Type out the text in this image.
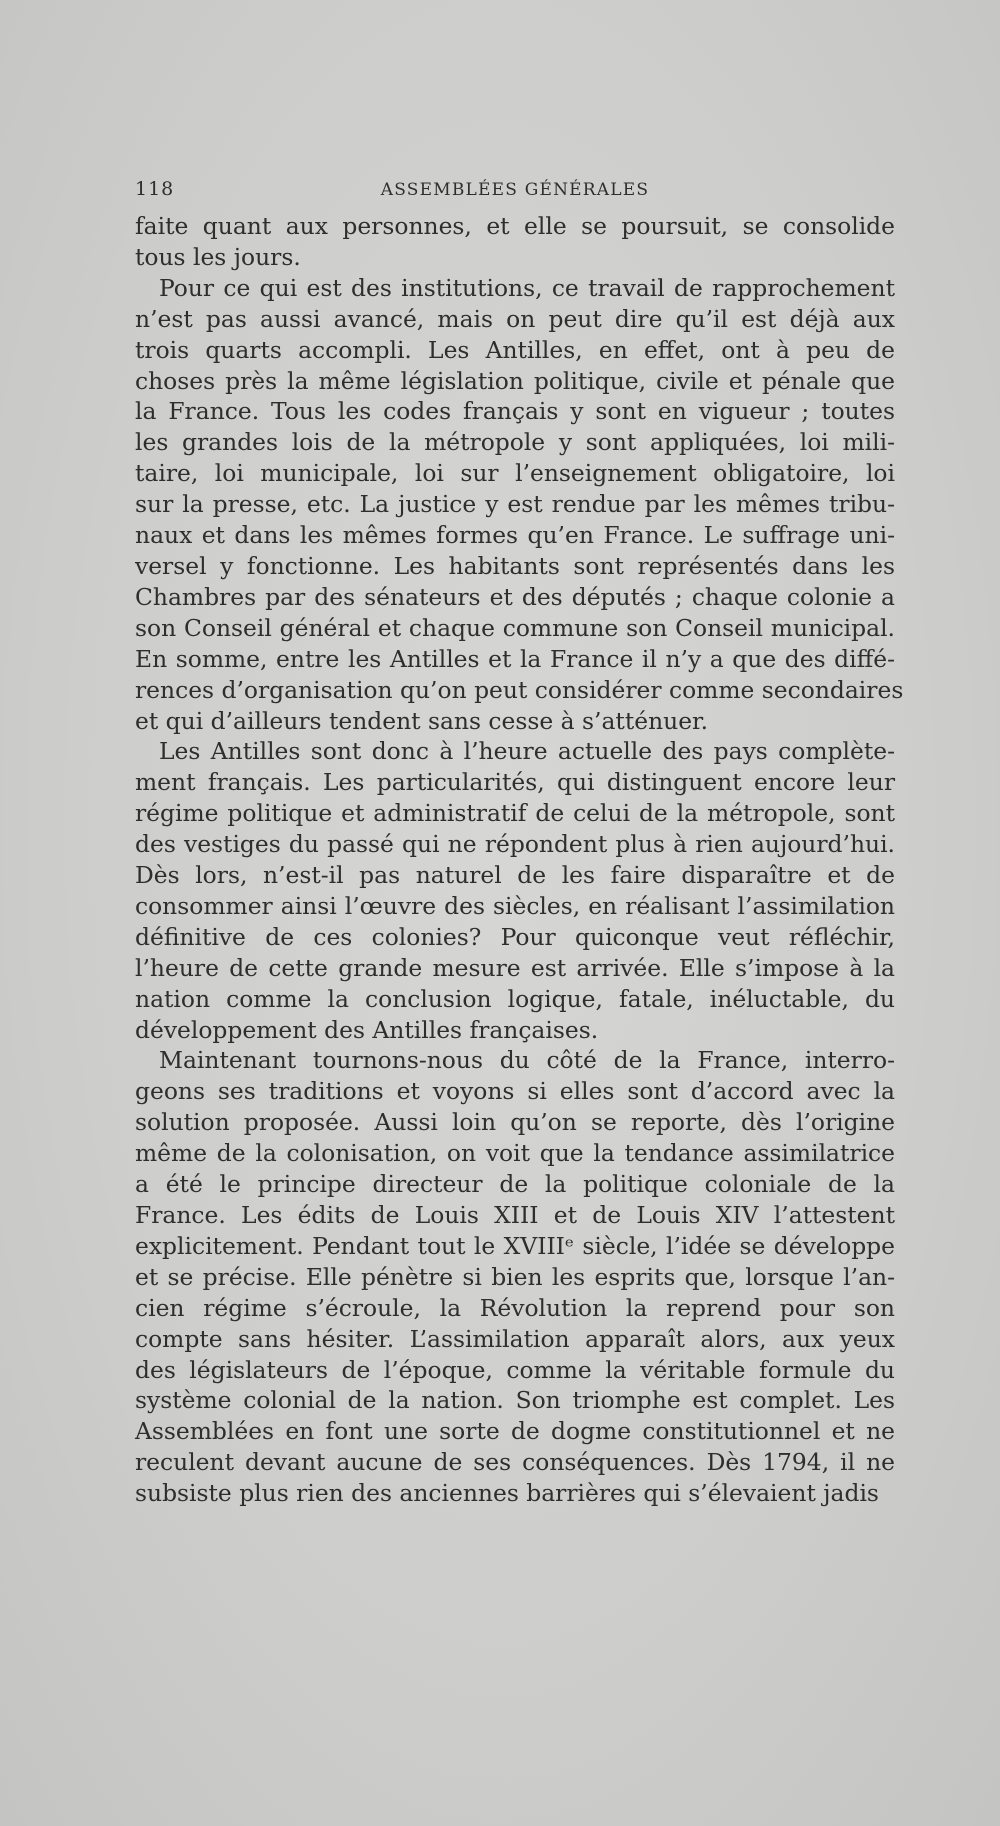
118	ASSEMBLÉES GÉNÉRALES

faite quant aux personnes, et elle se poursuit, se consolide
tous les jours.

Pour ce qui est des institutions, ce travail de rapprochement
n’est pas aussi avancé, mais on peut dire qu’il est déjà aux
trois quarts accompli. Les Antilles, en effet, ont à peu de
choses près la même législation politique, civile et pénale que
la France. Tous les codes français y sont en vigueur ; toutes
les grandes lois de la métropole y sont appliquées, loi mili-
taire, loi municipale, loi sur l’enseignement obligatoire, loi
sur la presse, etc. La justice y est rendue par les mêmes tribu-
naux et dans les mêmes formes qu’en France. Le suffrage uni-
versel y fonctionne. Les habitants sont représentés dans les
Chambres par des sénateurs et des députés ; chaque colonie a
son Conseil général et chaque commune son Conseil municipal.
En somme, entre les Antilles et la France il n’y a que des diffé-
rences d’organisation qu’on peut considérer comme secondaires
et qui d’ailleurs tendent sans cesse à s’atténuer.

Les Antilles sont donc à l’heure actuelle des pays complète-
ment français. Les particularités, qui distinguent encore leur
régime politique et administratif de celui de la métropole, sont
des vestiges du passé qui ne répondent plus à rien aujourd’hui.
Dès lors, n’est-il pas naturel de les faire disparaître et de
consommer ainsi l’œuvre des siècles, en réalisant l’assimilation
définitive de ces colonies? Pour quiconque veut réfléchir,
l’heure de cette grande mesure est arrivée. Elle s’impose à la
nation comme la conclusion logique, fatale, inéluctable, du
développement des Antilles françaises.

Maintenant tournons-nous du côté de la France, interro-
geons ses traditions et voyons si elles sont d’accord avec la
solution proposée. Aussi loin qu’on se reporte, dès l’origine
même de la colonisation, on voit que la tendance assimilatrice
a été le principe directeur de la politique coloniale de la
France. Les édits de Louis XIII et de Louis XIV l’attestent
explicitement. Pendant tout le XVIIIᵉ siècle, l’idée se développe
et se précise. Elle pénètre si bien les esprits que, lorsque l’an-
cien régime s’écroule, la Révolution la reprend pour son
compte sans hésiter. L’assimilation apparaît alors, aux yeux
des législateurs de l’époque, comme la véritable formule du
système colonial de la nation. Son triomphe est complet. Les
Assemblées en font une sorte de dogme constitutionnel et ne
reculent devant aucune de ses conséquences. Dès 1794, il ne
subsiste plus rien des anciennes barrières qui s’élevaient jadis
